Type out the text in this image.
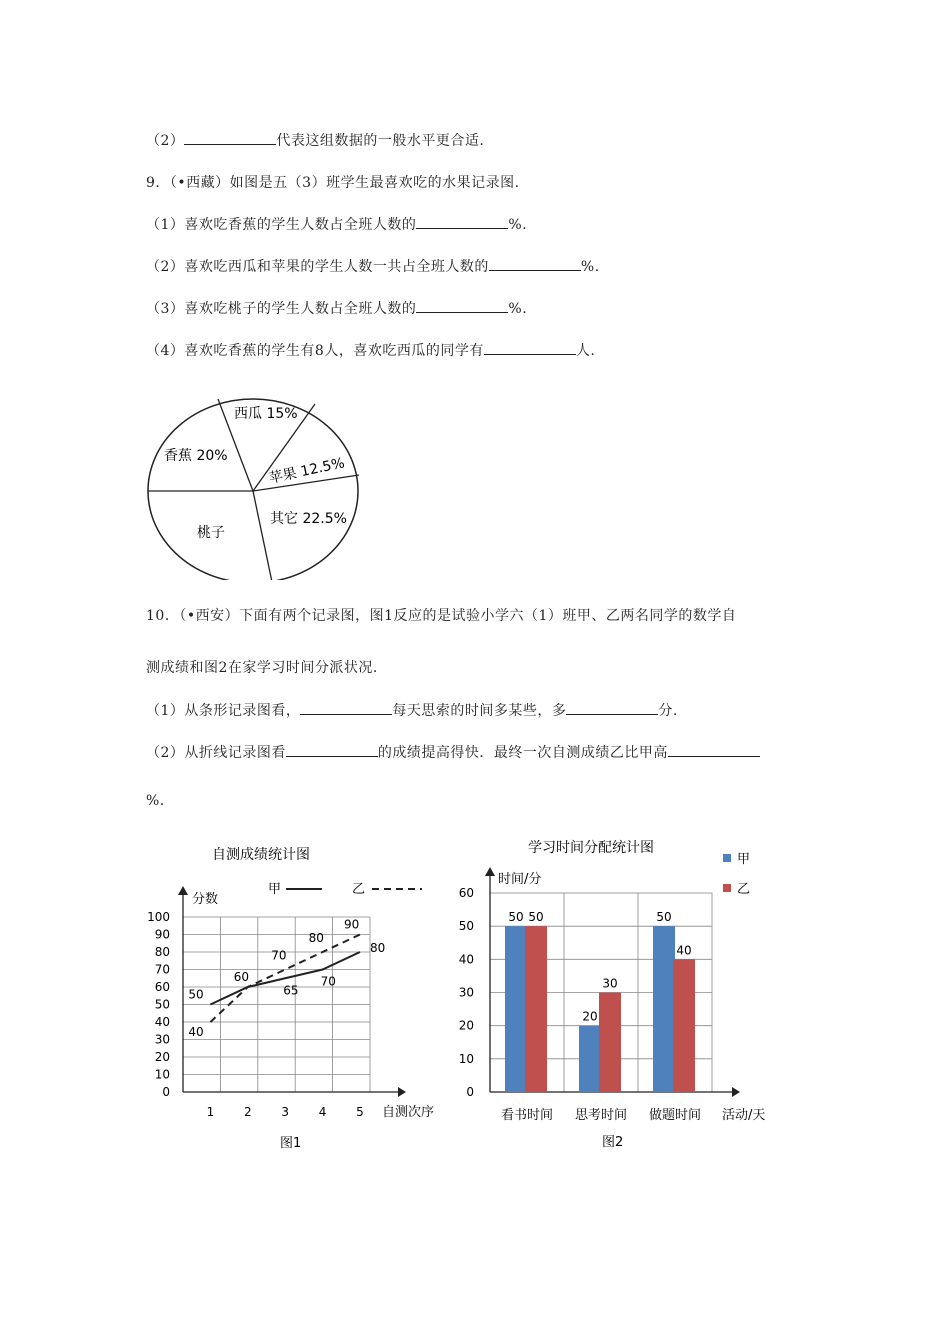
（2）	代表这组数据的一般水平更合适.
9．（•西藏）如图是五（3）班学生最喜欢吃的水果记录图.
（1）喜欢吃香蕉的学生人数占全班人数的	%.
（2）喜欢吃西瓜和苹果的学生人数一共占全班人数的	%.
（3）喜欢吃桃子的学生人数占全班人数的	%.
（4）喜欢吃香蕉的学生有8人，喜欢吃西瓜的同学有	人.
西瓜 15%
苹果 12.5%
其它 22.5%
桃子
香蕉 20%
10．（•西安）下面有两个记录图，图1反应的是试验小学六（1）班甲、乙两名同学的数学自
测成绩和图2在家学习时间分派状况.
（1）从条形记录图看，	每天思索的时间多某些，多	分.
（2）从折线记录图看	的成绩提高得快．最终一次自测成绩乙比甲高
%.
自测成绩统计图
分数
自测次序
0
10
20
30
40
50
60
70
80
90
100
1 2 3 4 5
甲	乙
50
60
65
70
80
40
70
80
90
图1
学习时间分配统计图
时间/分
0
10
20
30
40
50
60
看书时间
50 50
思考时间
20
30
做题时间
50
40
活动/天
甲
乙
图2
